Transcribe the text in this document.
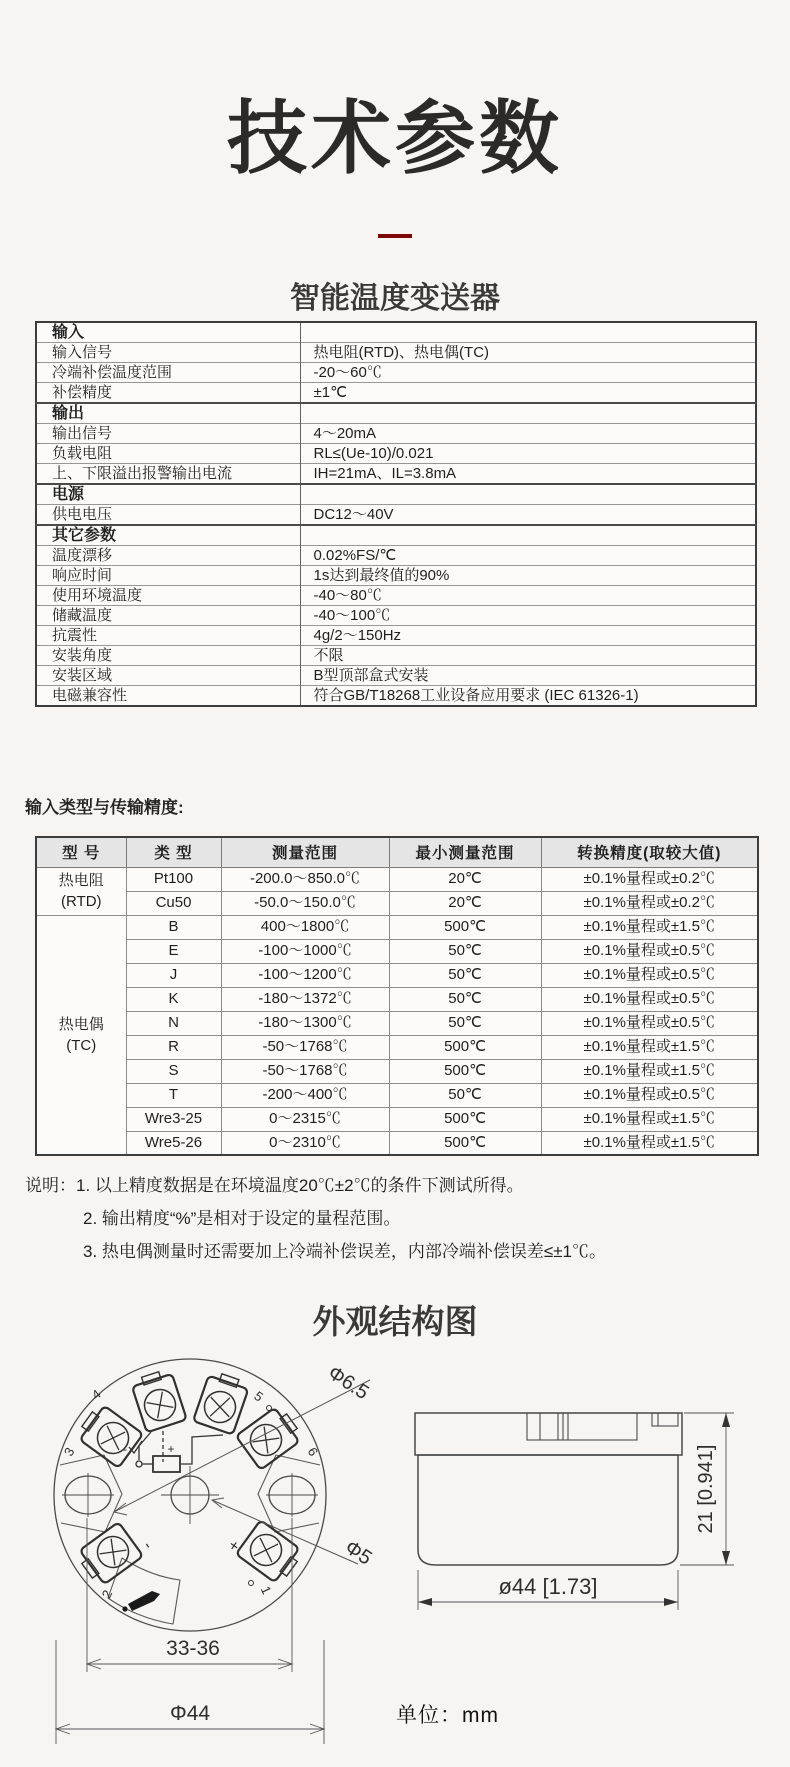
技术参数
智能温度变送器
输入	
输入信号	热电阻(RTD)、热电偶(TC)
冷端补偿温度范围	-20～60℃
补偿精度	±1℃
输出	
输出信号	4～20mA
负载电阻	RL≤(Ue-10)/0.021
上、下限溢出报警输出电流	IH=21mA、IL=3.8mA
电源	
供电电压	DC12～40V
其它参数	
温度漂移	0.02%FS/℃
响应时间	1s达到最终值的90%
使用环境温度	-40～80℃
储藏温度	-40～100℃
抗震性	4g/2～150Hz
安装角度	不限
安装区域	B型顶部盒式安装
电磁兼容性	符合GB/T18268工业设备应用要求 (IEC 61326-1)
输入类型与传输精度:
型 号	类 型	测量范围	最小测量范围	转换精度(取较大值)
热电阻
(RTD)	Pt100	-200.0～850.0℃	20℃	±0.1%量程或±0.2℃
	Cu50	-50.0～150.0℃	20℃	±0.1%量程或±0.2℃
热电偶
(TC)	B	400～1800℃	500℃	±0.1%量程或±1.5℃
	E	-100～1000℃	50℃	±0.1%量程或±0.5℃
	J	-100～1200℃	50℃	±0.1%量程或±0.5℃
	K	-180～1372℃	50℃	±0.1%量程或±0.5℃
	N	-180～1300℃	50℃	±0.1%量程或±0.5℃
	R	-50～1768℃	500℃	±0.1%量程或±1.5℃
	S	-50～1768℃	500℃	±0.1%量程或±1.5℃
	T	-200～400℃	50℃	±0.1%量程或±0.5℃
	Wre3-25	0～2315℃	500℃	±0.1%量程或±1.5℃
	Wre5-26	0～2310℃	500℃	±0.1%量程或±1.5℃
说明：1. 以上精度数据是在环境温度20℃±2℃的条件下测试所得。
2. 输出精度“%”是相对于设定的量程范围。
3. 热电偶测量时还需要加上冷端补偿误差，内部冷端补偿误差≤±1℃。
外观结构图
-	+
4	5
3	6
2	1
+
-
Φ6.5
Φ5
33-36
Φ44
ø44 [1.73]
21 [0.941]
单位：mm
